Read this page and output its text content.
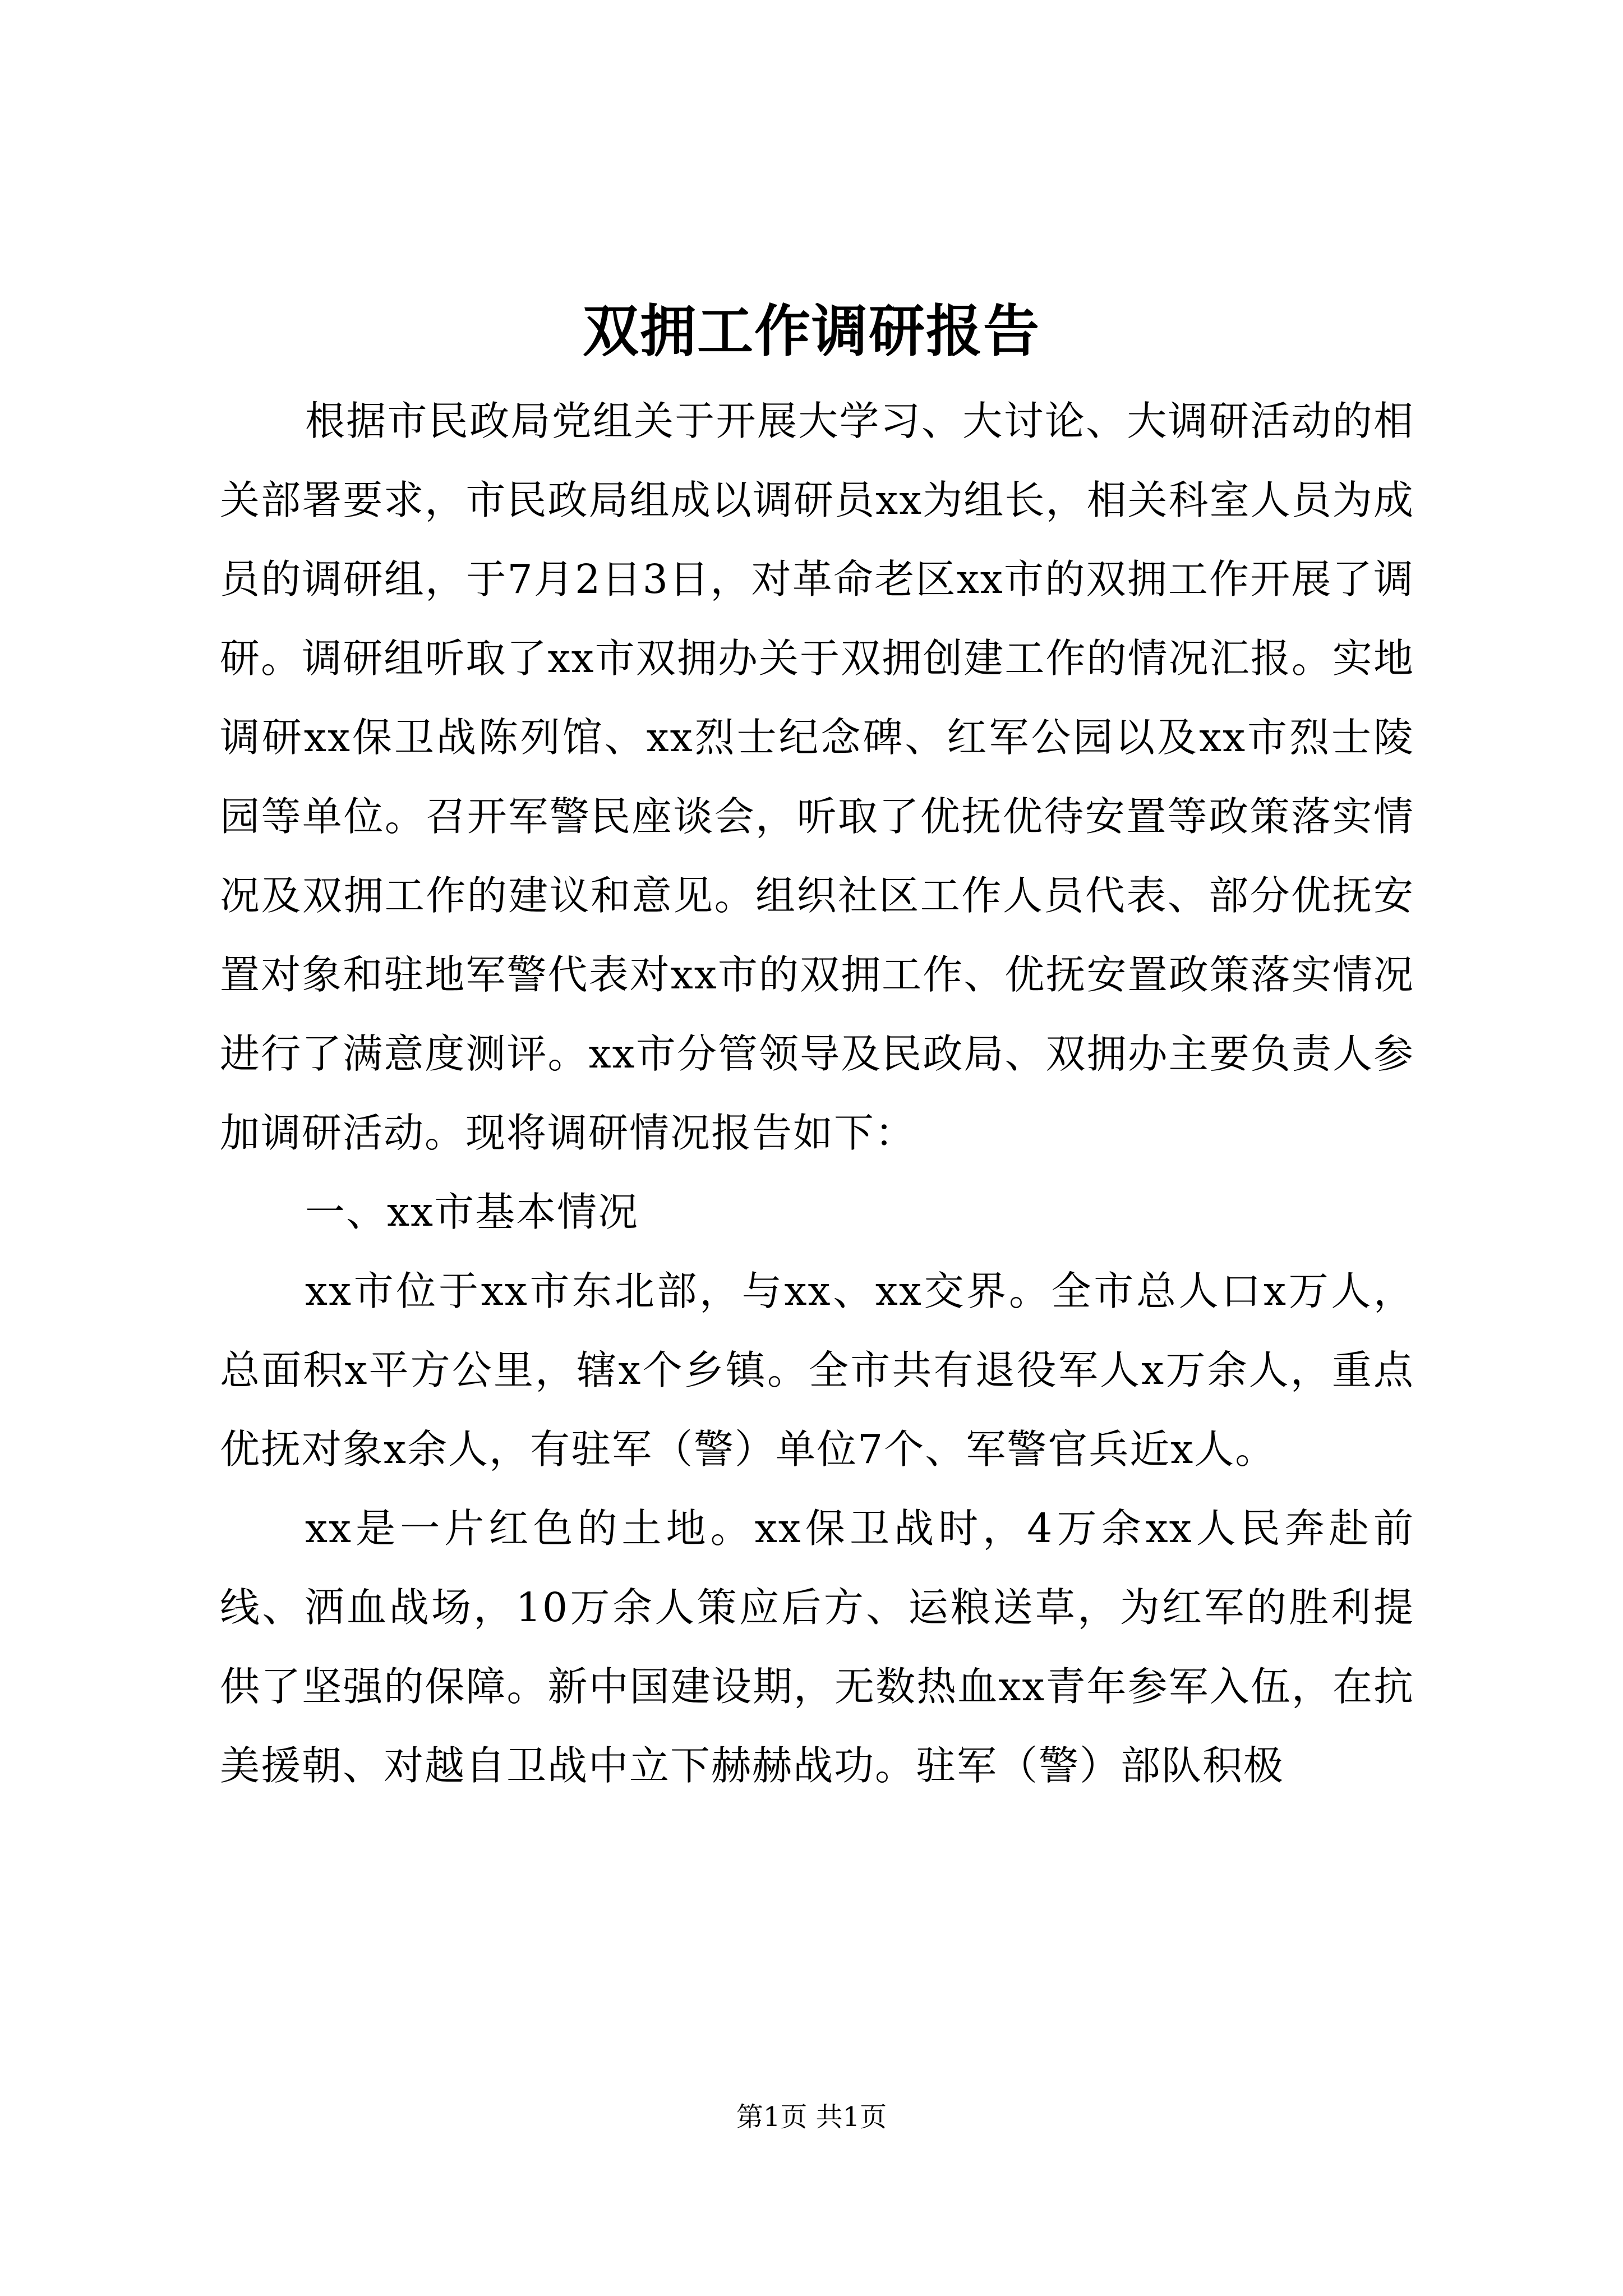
双拥工作调研报告

根据市民政局党组关于开展大学习、大讨论、大调研活动的相关部署要求，市民政局组成以调研员xx为组长，相关科室人员为成员的调研组，于7月2日3日，对革命老区xx市的双拥工作开展了调研。调研组听取了xx市双拥办关于双拥创建工作的情况汇报。实地调研xx保卫战陈列馆、xx烈士纪念碑、红军公园以及xx市烈士陵园等单位。召开军警民座谈会，听取了优抚优待安置等政策落实情况及双拥工作的建议和意见。组织社区工作人员代表、部分优抚安置对象和驻地军警代表对xx市的双拥工作、优抚安置政策落实情况进行了满意度测评。xx市分管领导及民政局、双拥办主要负责人参加调研活动。现将调研情况报告如下：

一、xx市基本情况

xx市位于xx市东北部，与xx、xx交界。全市总人口x万人，总面积x平方公里，辖x个乡镇。全市共有退役军人x万余人，重点优抚对象x余人，有驻军（警）单位7个、军警官兵近x人。

xx是一片红色的土地。xx保卫战时，4万余xx人民奔赴前线、洒血战场，10万余人策应后方、运粮送草，为红军的胜利提供了坚强的保障。新中国建设期，无数热血xx青年参军入伍，在抗美援朝、对越自卫战中立下赫赫战功。驻军（警）部队积极

第1页 共1页
